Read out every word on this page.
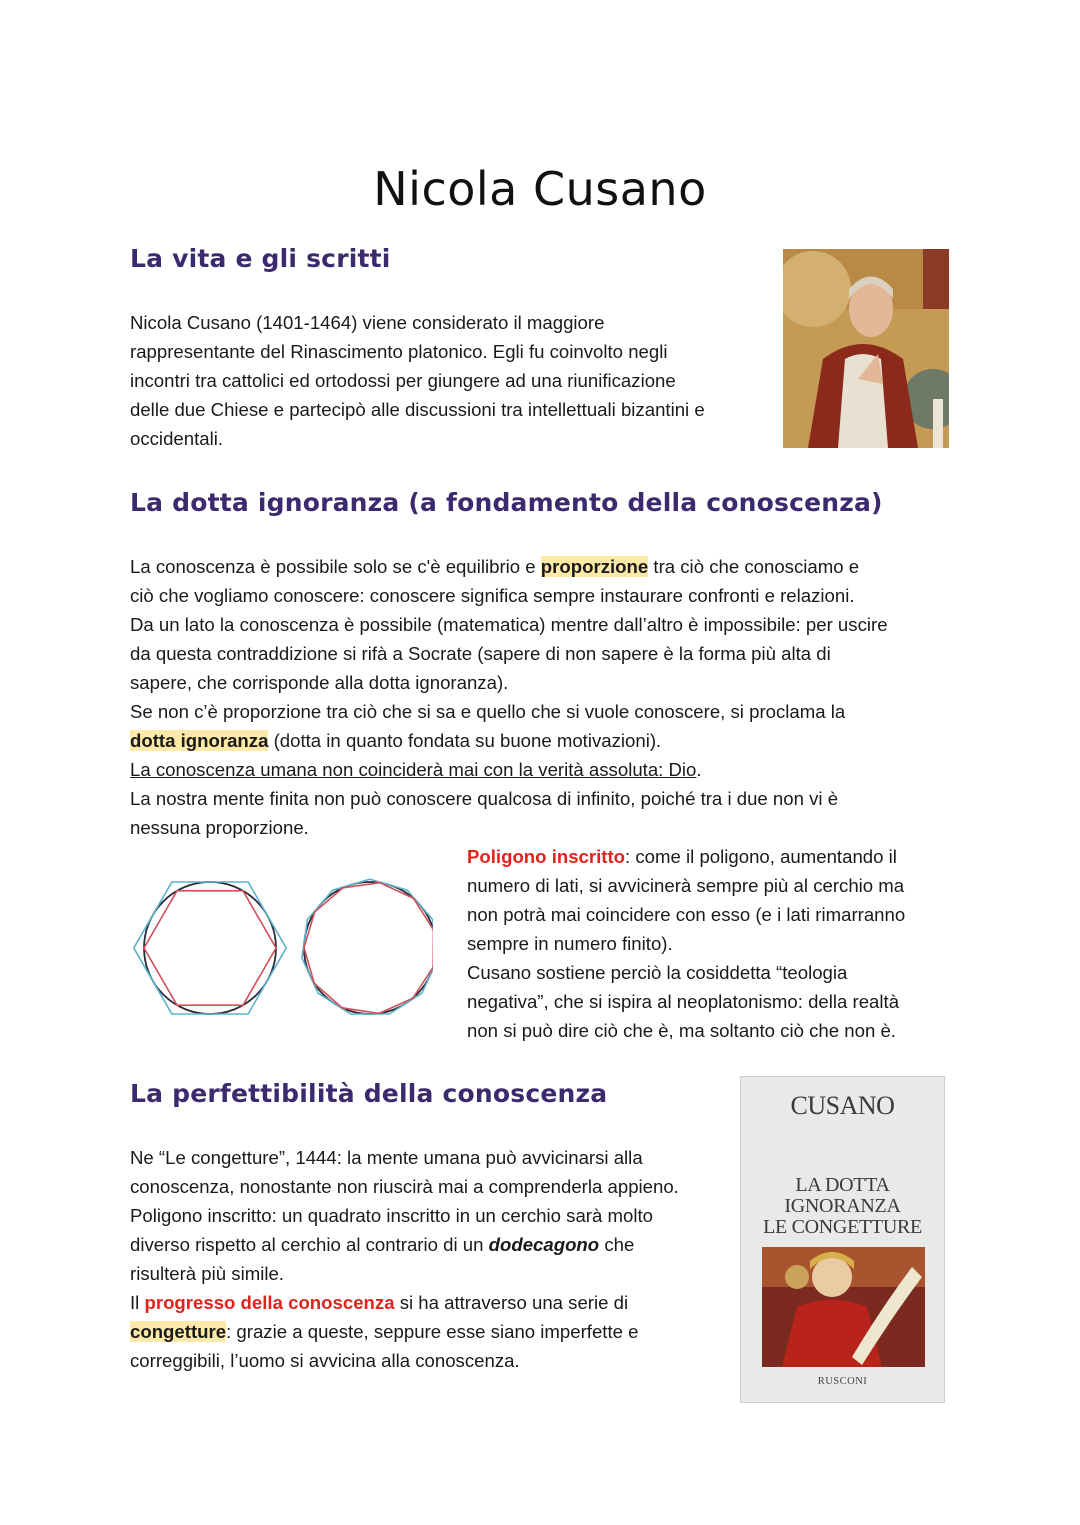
Nicola Cusano
La vita e gli scritti
Nicola Cusano (1401-1464) viene considerato il maggiore
rappresentante del Rinascimento platonico. Egli fu coinvolto negli
incontri tra cattolici ed ortodossi per giungere ad una riunificazione
delle due Chiese e partecipò alle discussioni tra intellettuali bizantini e
occidentali.
La dotta ignoranza (a fondamento della conoscenza)
La conoscenza è possibile solo se c'è equilibrio e proporzione tra ciò che conosciamo e
ciò che vogliamo conoscere: conoscere significa sempre instaurare confronti e relazioni.
Da un lato la conoscenza è possibile (matematica) mentre dall’altro è impossibile: per uscire
da questa contraddizione si rifà a Socrate (sapere di non sapere è la forma più alta di
sapere, che corrisponde alla dotta ignoranza).
Se non c’è proporzione tra ciò che si sa e quello che si vuole conoscere, si proclama la
dotta ignoranza (dotta in quanto fondata su buone motivazioni).
La conoscenza umana non coinciderà mai con la verità assoluta: Dio.
La nostra mente finita non può conoscere qualcosa di infinito, poiché tra i due non vi è
nessuna proporzione.
Poligono inscritto: come il poligono, aumentando il
numero di lati, si avvicinerà sempre più al cerchio ma
non potrà mai coincidere con esso (e i lati rimarranno
sempre in numero finito).
Cusano sostiene perciò la cosiddetta “teologia
negativa”, che si ispira al neoplatonismo: della realtà
non si può dire ciò che è, ma soltanto ciò che non è.
La perfettibilità della conoscenza
Ne “Le congetture”, 1444: la mente umana può avvicinarsi alla
conoscenza, nonostante non riuscirà mai a comprenderla appieno.
Poligono inscritto: un quadrato inscritto in un cerchio sarà molto
diverso rispetto al cerchio al contrario di un dodecagono che
risulterà più simile.
Il progresso della conoscenza si ha attraverso una serie di
congetture: grazie a queste, seppure esse siano imperfette e
correggibili, l’uomo si avvicina alla conoscenza.
CUSANO
LA DOTTA
IGNORANZA
LE CONGETTURE
RUSCONI
